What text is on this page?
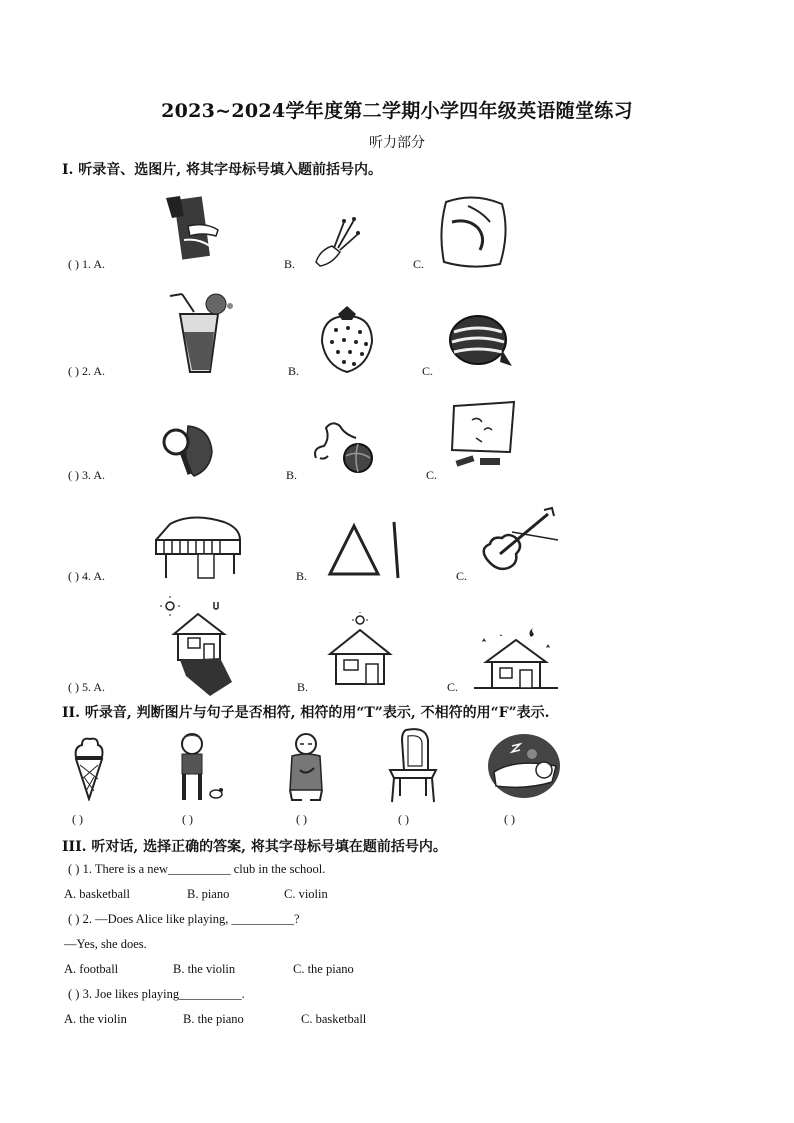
2023~2024学年度第二学期小学四年级英语随堂练习
听力部分
I. 听录音、选图片, 将其字母标号填入题前括号内。
( ) 1. A.	B.	C.
( ) 2. A.	B.	C.
( ) 3. A.	B.	C.
( ) 4. A.	B.	C.
( ) 5. A.	B.	C.
II. 听录音, 判断图片与句子是否相符, 相符的用“T”表示, 不相符的用“F”表示.
( )	( )	( )	( )	( )
III. 听对话, 选择正确的答案, 将其字母标号填在题前括号内。
( ) 1. There is a new__________ club in the school.
A. basketball	B. piano	C. violin
( ) 2. —Does Alice like playing, __________?
—Yes, she does.
A. football	B. the violin	C. the piano
( ) 3. Joe likes playing__________.
A. the violin	B. the piano	C. basketball
